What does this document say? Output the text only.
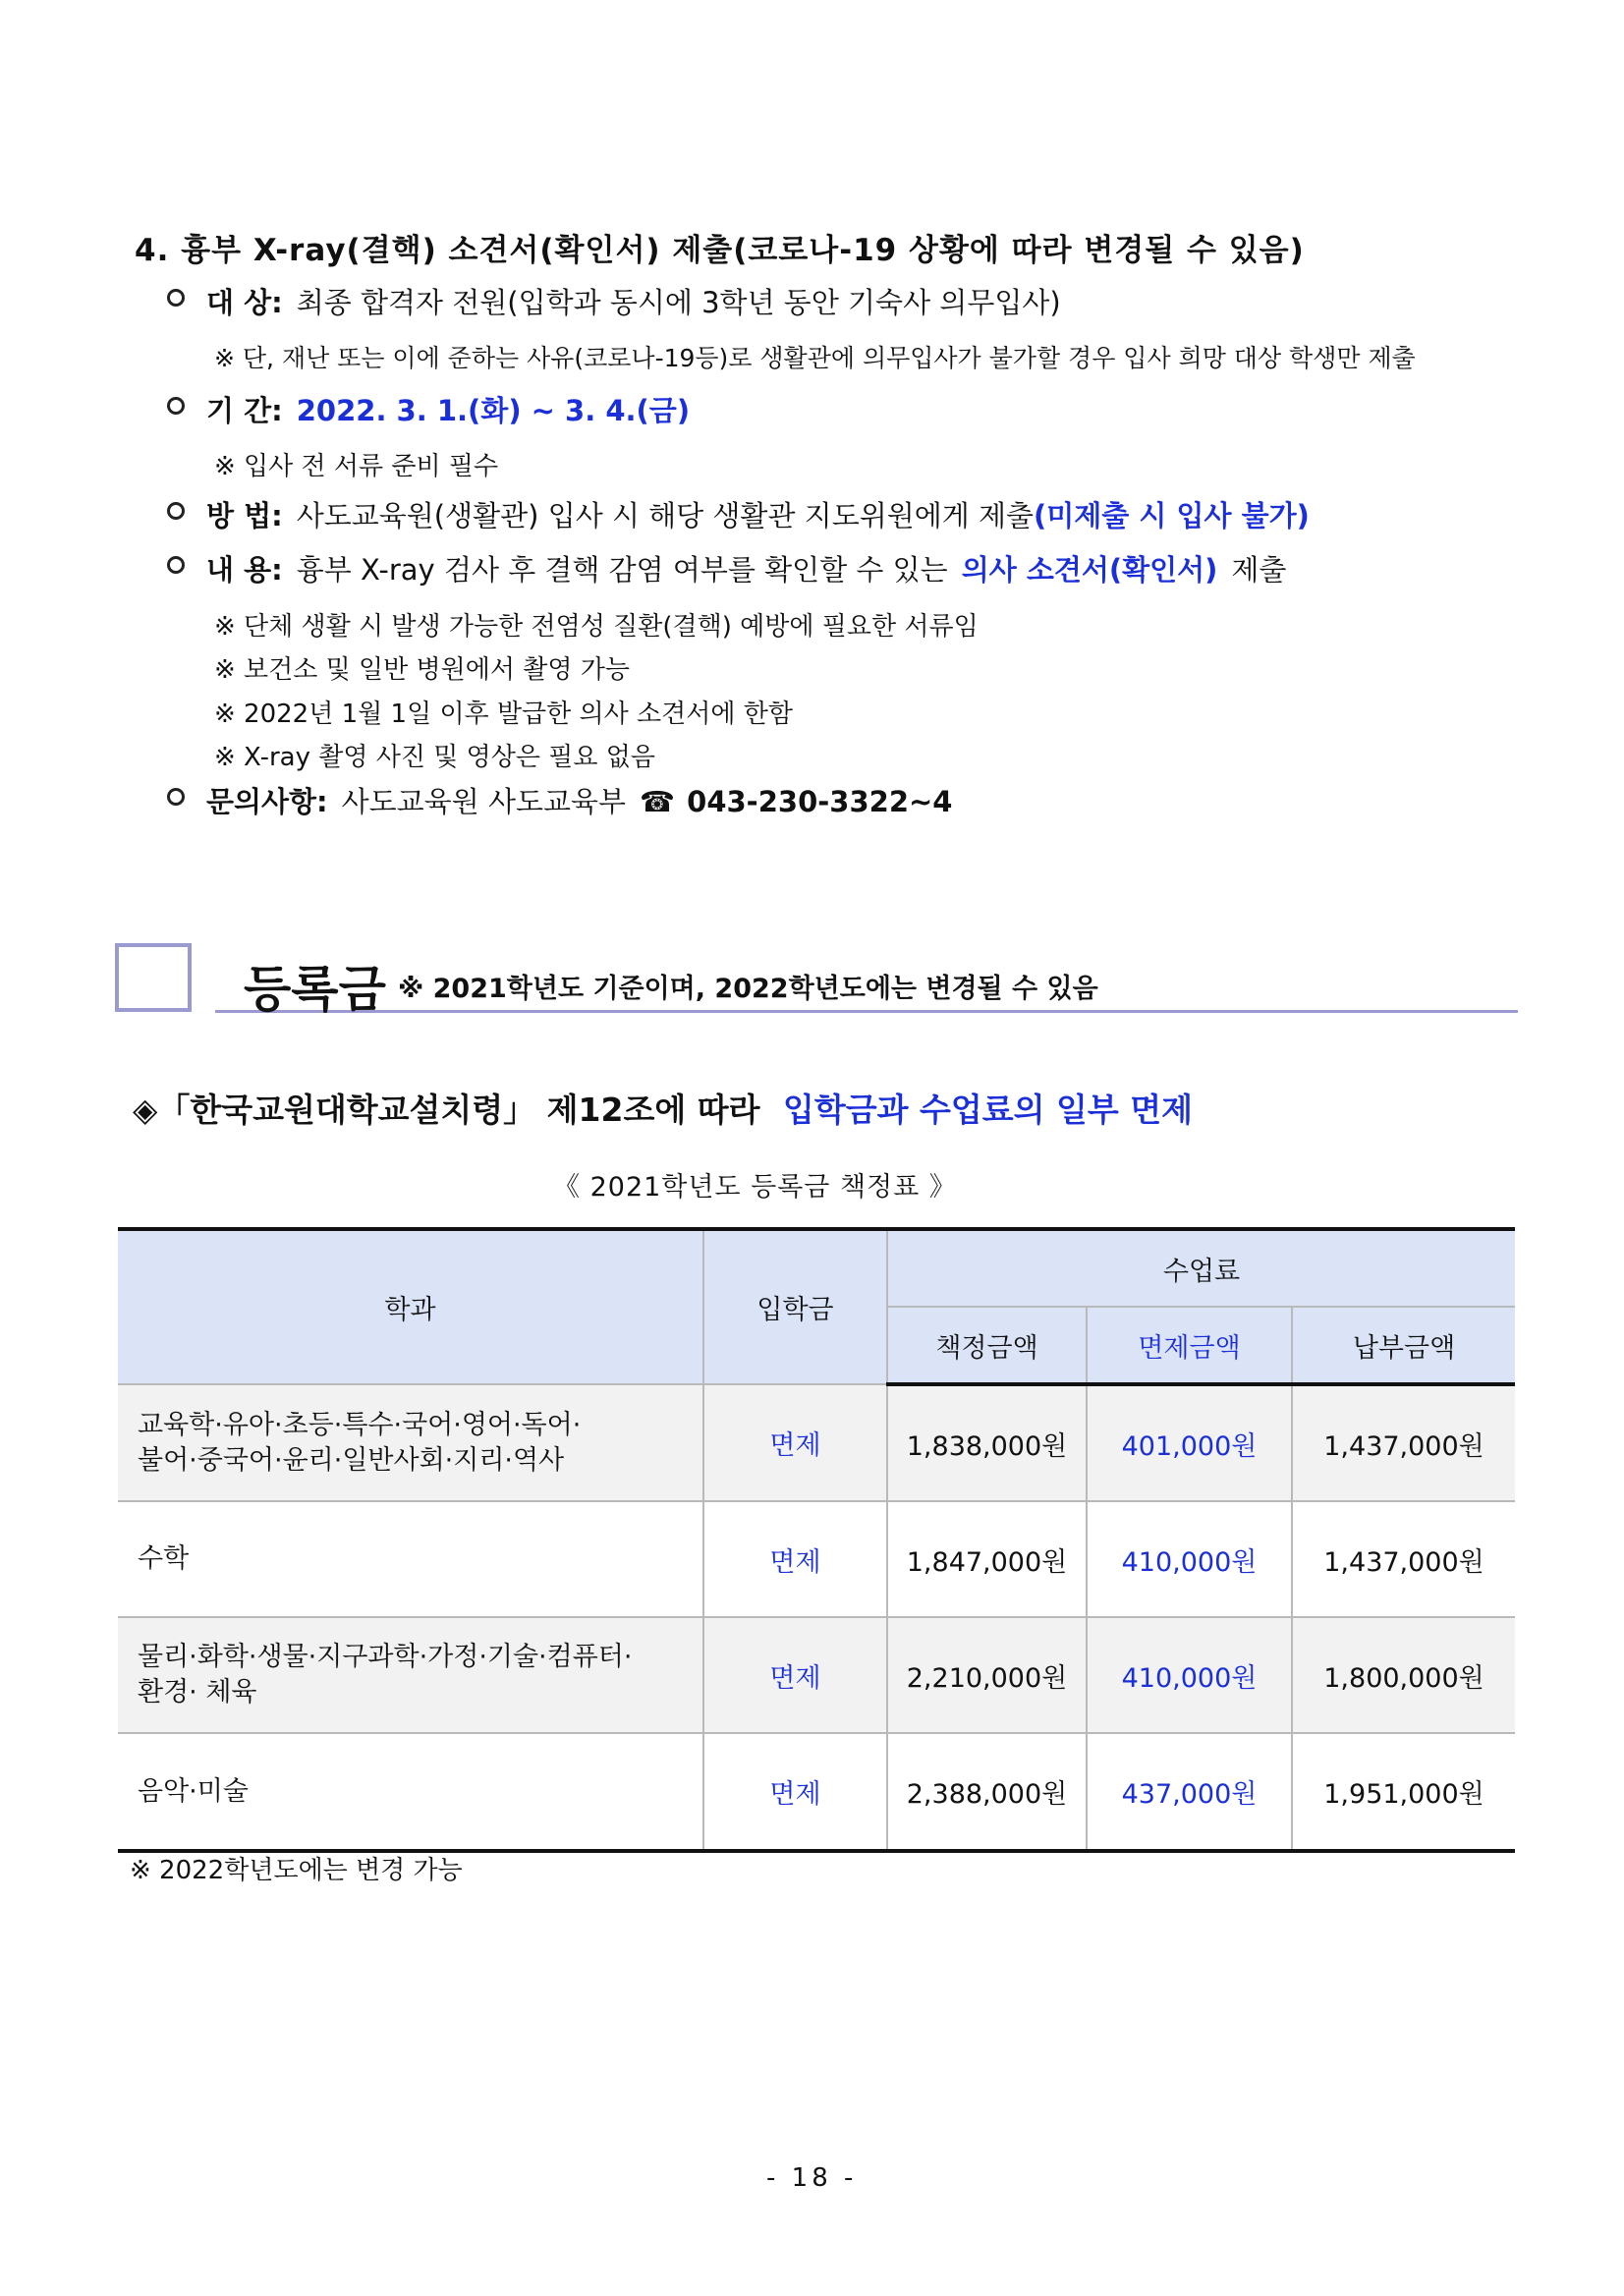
4. 흉부 X-ray(결핵) 소견서(확인서) 제출(코로나-19 상황에 따라 변경될 수 있음)
대 상: 최종 합격자 전원(입학과 동시에 3학년 동안 기숙사 의무입사)
※ 단, 재난 또는 이에 준하는 사유(코로나-19등)로 생활관에 의무입사가 불가할 경우 입사 희망 대상 학생만 제출
기 간: 2022. 3. 1.(화) ~ 3. 4.(금)
※ 입사 전 서류 준비 필수
방 법: 사도교육원(생활관) 입사 시 해당 생활관 지도위원에게 제출 (미제출 시 입사 불가)
내 용: 흉부 X-ray 검사 후 결핵 감염 여부를 확인할 수 있는 의사 소견서(확인서) 제출
※ 단체 생활 시 발생 가능한 전염성 질환(결핵) 예방에 필요한 서류임
※ 보건소 및 일반 병원에서 촬영 가능
※ 2022년 1월 1일 이후 발급한 의사 소견서에 한함
※ X-ray 촬영 사진 및 영상은 필요 없음
문의사항: 사도교육원 사도교육부 ☎ 043-230-3322~4
등록금 ※ 2021학년도 기준이며, 2022학년도에는 변경될 수 있음
◈「한국교원대학교설치령」 제12조에 따라 입학금과 수업료의 일부 면제
《 2021학년도 등록금 책정표 》
학과	입학금	수업료		
		책정금액	면제금액	납부금액
교육학·유아·초등·특수·국어·영어·독어·
불어·중국어·윤리·일반사회·지리·역사	면제	1,838,000원	401,000원	1,437,000원
수학	면제	1,847,000원	410,000원	1,437,000원
물리·화학·생물·지구과학·가정·기술·컴퓨터·
환경· 체육	면제	2,210,000원	410,000원	1,800,000원
음악·미술	면제	2,388,000원	437,000원	1,951,000원
※ 2022학년도에는 변경 가능
- 18 -
